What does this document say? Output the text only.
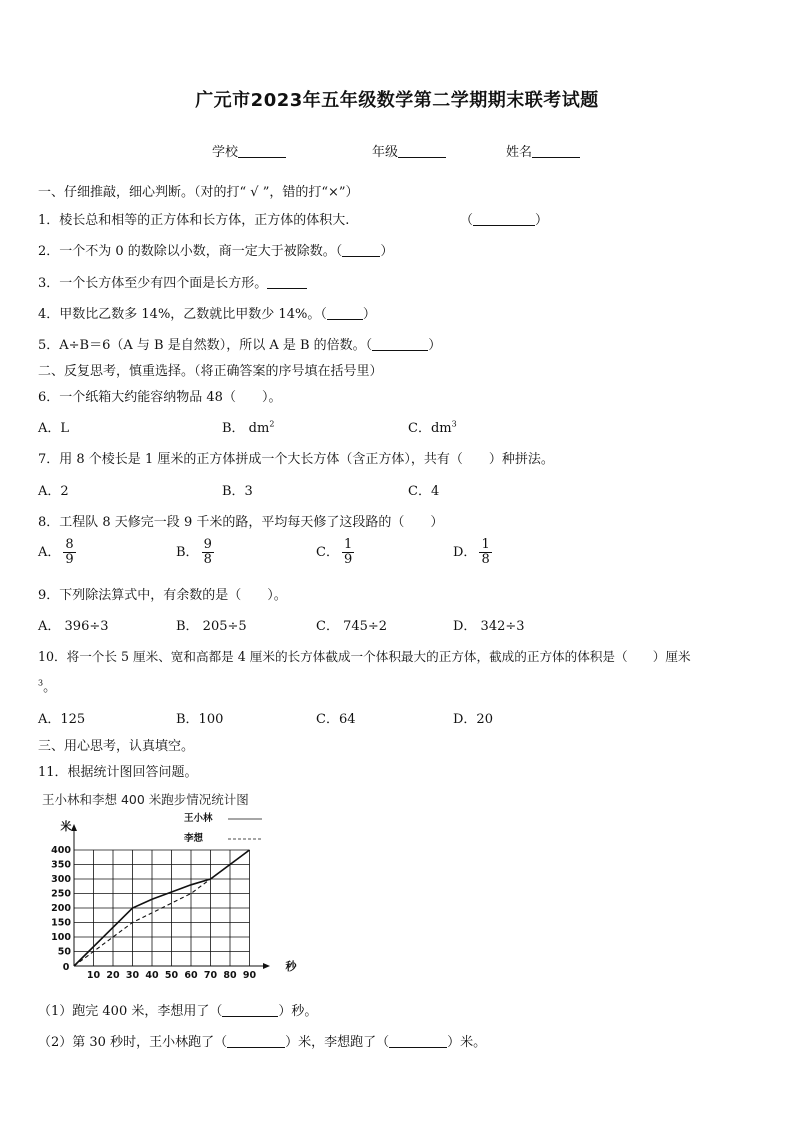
广元市2023年五年级数学第二学期期末联考试题
学校	年级	姓名
一、仔细推敲，细心判断。（对的打“ √ ”，错的打“×”）
1．棱长总和相等的正方体和长方体，正方体的体积大.	（	）
2．一个不为 0 的数除以小数，商一定大于被除数。（	）
3．一个长方体至少有四个面是长方形。
4．甲数比乙数多 14%，乙数就比甲数少 14%。（	）
5．A÷B＝6（A 与 B 是自然数），所以 A 是 B 的倍数。（	）
二、反复思考，慎重选择。（将正确答案的序号填在括号里）
6．一个纸箱大约能容纳物品 48（　　）。
A．L	B． $dm^2$	C．$dm^3$
7．用 8 个棱长是 1 厘米的正方体拼成一个大长方体（含正方体），共有（　　）种拼法。
A．2	B．3	C．4
8．工程队 8 天修完一段 9 千米的路，平均每天修了这段路的（　　）
A． $\frac{8}{9}$	B． $\frac{9}{8}$	C． $\frac{1}{9}$	D． $\frac{1}{8}$
9．下列除法算式中，有余数的是（　　）。
A． 396÷3	B． 205÷5	C． 745÷2	D． 342÷3
10．将一个长 5 厘米、宽和高都是 4 厘米的长方体截成一个体积最大的正方体，截成的正方体的体积是（　　）厘米
$^3$。
A．125	B．100	C．64	D．20
三、用心思考，认真填空。
11．根据统计图回答问题。
王小林和李想 400 米跑步情况统计图
10 20 30 40 50 60 70 80 90
50
100
150
200
250
300
350
400
0
米
秒
王小林
李想
（1）跑完 400 米，李想用了（	）秒。
（2）第 30 秒时，王小林跑了（	）米，李想跑了（	）米。
